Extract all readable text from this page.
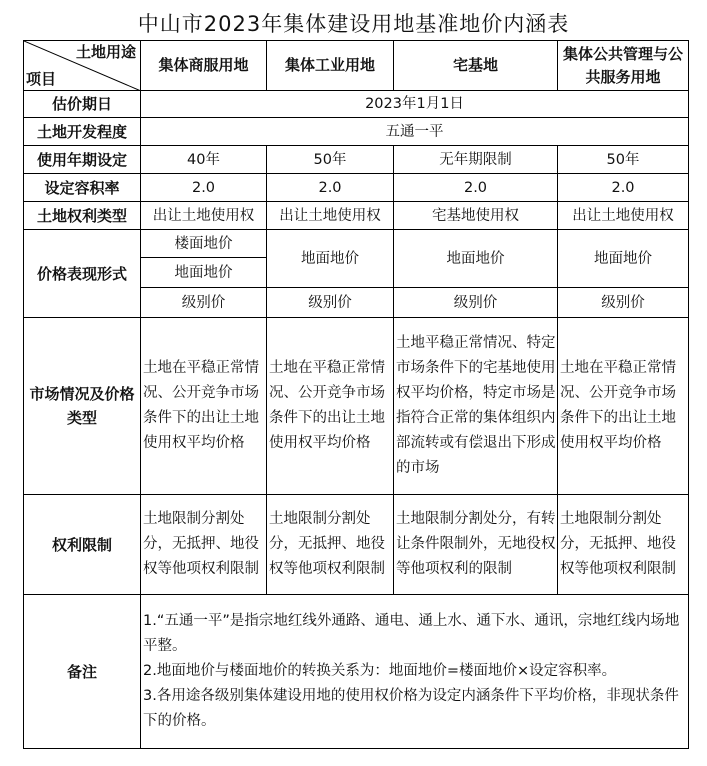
中山市2023年集体建设用地基准地价内涵表
土地用途
项目	集体商服用地	集体工业用地	宅基地	集体公共管理与公共服务用地
估价期日	2023年1月1日			
土地开发程度	五通一平			
使用年期设定	40年	50年	无年期限制	50年
设定容积率	2.0	2.0	2.0	2.0
土地权利类型	出让土地使用权	出让土地使用权	宅基地使用权	出让土地使用权
价格表现形式	楼面地价	地面地价	地面地价	地面地价
	地面地价			
	级别价	级别价	级别价	级别价
市场情况及价格类型	土地在平稳正常情况、公开竞争市场条件下的出让土地使用权平均价格	土地在平稳正常情况、公开竞争市场条件下的出让土地使用权平均价格	土地平稳正常情况、特定市场条件下的宅基地使用权平均价格，特定市场是指符合正常的集体组织内部流转或有偿退出下形成的市场	土地在平稳正常情况、公开竞争市场条件下的出让土地使用权平均价格
权利限制	土地限制分割处分，无抵押、地役权等他项权利限制	土地限制分割处分，无抵押、地役权等他项权利限制	土地限制分割处分，有转让条件限制外，无地役权等他项权利的限制	土地限制分割处分，无抵押、地役权等他项权利限制
备注	1.“五通一平”是指宗地红线外通路、通电、通上水、通下水、通讯，宗地红线内场地平整。
2.地面地价与楼面地价的转换关系为：地面地价=楼面地价×设定容积率。
3.各用途各级别集体建设用地的使用权价格为设定内涵条件下平均价格，非现状条件下的价格。			
